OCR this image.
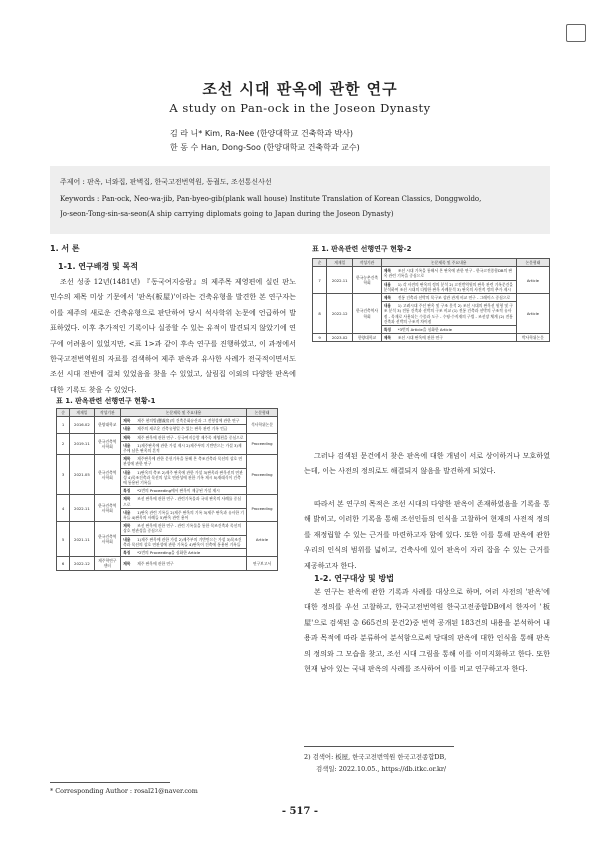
조선 시대 판옥에 관한 연구
A study on Pan-ock in the Joseon Dynasty
김 라 니* Kim, Ra-Nee (한양대학교 건축학과 박사)
한 동 수 Han, Dong-Soo (한양대학교 건축학과 교수)
주제어 : 판옥, 너와집, 판벽집, 한국고전번역원, 동궐도, 조선통신사선
Keywords : Pan-ock, Neo-wa-jib, Pan-byeo-gib(plank wall house) Institute Translation of Korean Classics, Donggwoldo,
Jo-seon-Tong-sin-sa-seon(A ship carrying diplomats going to Japan during the Joseon Dynasty)
1. 서 론
1-1. 연구배경 및 목적
조선 성종 12년(1481년) 『동국여지승람』의 제주목 제영편에 실린 판노 민수의 제목 미상 기문에서 '판옥(板屋)'이라는 건축유형을 발견한 본 연구자는 이를 제주의 새로운 건축유형으로 판단하여 당시 석사학위 논문에 언급하여 발표하였다. 이후 추가적인 기록이나 실증할 수 있는 유적이 발견되지 않았기에 연구에 어려움이 있었지만, <표 1>과 같이 후속 연구를 진행하였고, 이 과정에서 한국고전번역원의 자료를 검색하여 제주 판옥과 유사한 사례가 전국적이면서도 조선 시대 전반에 걸쳐 있었음을 찾을 수 있었고, 살림집 이외의 다양한 판옥에 대한 기록도 찾을 수 있었다.
표 1. 판옥관련 선행연구 현황-1
순	게재일	작성기관	논문제목 및 주요내용	논문형태
1	2016.02	한양대학교	제목 제주 현의방(懸義房)의 건축문화유산과 그 전형성에 관한 연구	석사학위논문
			내용 제주의 새로운 건축유형일 수 있는 판옥 관련 기록 언급	
2	2019.11	한국건축역사학회	제목 제주 판옥에 관한 연구 - 동국여지승람 제주목 제영편을 중심으로	Proceeding
			내용 1)제주판옥에 관한 가설 제시 2)제주부의 기반만으는 가설 3)제주에 남은 판옥의 흔적	
3	2021.05	한국건축역사학회	제목 제주판옥에 관한 문헌기록을 통해 본 축조건축과 목선의 상호 연관성에 관한 연구	Proceeding
			내용 1)판옥의 축조 2)제주 판옥에 관한 가설 3)판옥과 판옥선의 연관성 4)목조건축과 목선의 상호 연관성에 관한 기록 제시 5)재래식이 건축에 통용된 기록들	
			특징 *2번의 Proceeding에서 판옥이 제공된 가설 제시	
4	2022.11	한국건축역사학회	제목 조선 판옥에 관한 연구 - 관련기록물과 국내 판옥의 사례를 중심으로	Proceeding
			내용 1)판옥 관련 기록들 2)제주 판옥의 기록 3)제주 판옥과 유사한 기록들 4)판옥의 사례들 5)판옥 관련 용어	
5	2021.11	한국건축역사학회	제목 조선 판옥에 관한 연구 - 관련 기록물을 통한 목조건축과 목선의 상호 연관성을 중심으로	Article
			내용 1)제주 판옥에 관한 가설 2)제주부의 기반만으는 가설 3)목조건축과 목선의 상호 연관성에 관한 기록들 4)판옥이 건축에 통용된 기록들	
			특징 *2번의 Proceeding을 심화한 Article	
6	2022.12	제주학연구센터	제목 제주 판옥에 관한 연구	연구보고서
* Corresponding Author : rosal21@naver.com
표 1. 판옥관련 선행연구 현황-2
순	게재일	작성기관	논문제목 및 주요내용	논문형태
7	2022.11	한국농촌건축학회	제목 조선 시대 기록을 통해서 본 판옥에 관한 연구 - 한국고전종합DB의 판옥 관련 기록을 중심으로	Article
			내용 1) 각 사전의 판옥의 정의 분석 2) 고전번역원의 판옥 관련 기록문건을 분석하여 조선 시대의 다양한 판옥 사례분석 3) 판옥의 사전적 정의 추가 제시	
8	2022.12	한국건축역사학회	제목 전통 건축과 선박의 목구조 상관 관계 비교 연구 - 그레이스 중심으로	Article
			내용 1) 고려시대 주선 판옥 및 구조 분석 2) 조선 시대의 판옥선 원형 및 구조 분석 3) 전통 건축과 선박의 구조 비교 (1) 전통 건축과 선박의 구조적 유사점 - 목재로 사용되는 수종과 도구 - 수평·수직재의 구법 - 조선장 체계 (2) 전통 건축과 선박의 구조적 차이점	
			특징 *3번의 Article을 심화한 Article	
9	2023.02	한양대학교	제목 조선 시대 판옥에 관한 연구	박사학위논문
그러나 검색된 문건에서 찾은 판옥에 대한 개념이 서로 상이하거나 모호하였는데, 이는 사전의 정의로도 해결되지 않음을 발견하게 되었다.
따라서 본 연구의 목적은 조선 시대의 다양한 판옥이 존재하였음을 기록을 통해 밝히고, 이러한 기록을 통해 조선인들의 인식을 고찰하여 현재의 사전적 정의를 재정립할 수 있는 근거를 마련하고자 함에 있다. 또한 이를 통해 판옥에 관한 우리의 인식의 범위를 넓히고, 건축사에 있어 판옥이 자리 잡을 수 있는 근거를 제공하고자 한다.
1-2. 연구대상 및 방법
본 연구는 판옥에 관한 기록과 사례를 대상으로 하며, 여러 사전의 '판옥'에 대한 정의를 우선 고찰하고, 한국고전번역원 한국고전종합DB에서 한자어 '板屋'으로 검색된 총 665건의 문건2)중 번역 공개된 183건의 내용을 분석하여 내용과 목적에 따라 분류하여 분석함으로써 당대의 판옥에 대한 인식을 통해 판옥의 정의와 그 모습을 찾고, 조선 시대 그림을 통해 이를 이미지화하고 한다. 또한 현재 남아 있는 국내 판옥의 사례를 조사하여 이를 비교 연구하고자 한다.
2) 검색어: 板屋, 한국고전번역원 한국고전종합DB,
검색일: 2022.10.05., https://db.itkc.or.kr/
- 517 -
